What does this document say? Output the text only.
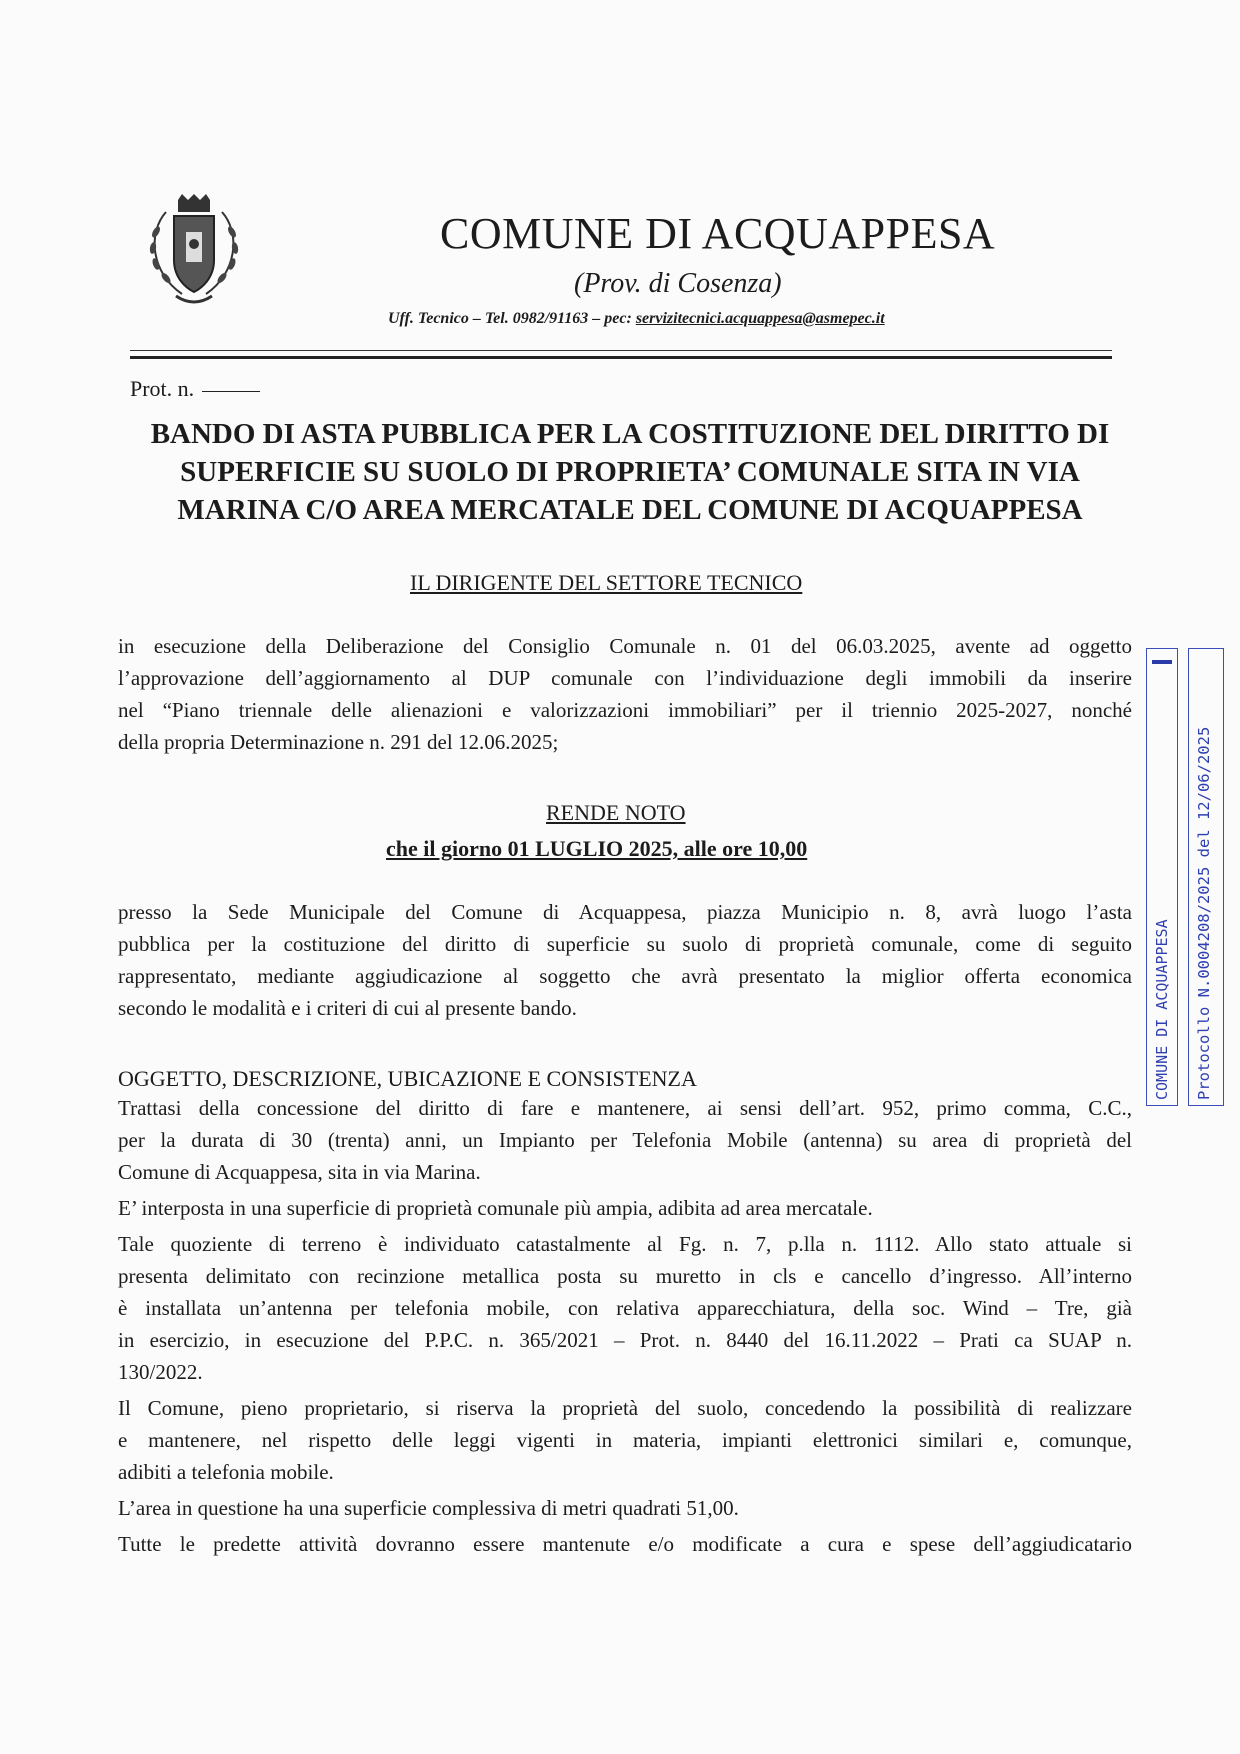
COMUNE DI ACQUAPPESA
(Prov. di Cosenza)
Uff. Tecnico – Tel. 0982/91163 – pec: servizitecnici.acquappesa@asmepec.it
Prot. n.
BANDO DI ASTA PUBBLICA PER LA COSTITUZIONE DEL DIRITTO DI
SUPERFICIE SU SUOLO DI PROPRIETA’ COMUNALE SITA IN VIA
MARINA C/O AREA MERCATALE DEL COMUNE DI ACQUAPPESA
IL DIRIGENTE DEL SETTORE TECNICO
in esecuzione della Deliberazione del Consiglio Comunale n. 01 del 06.03.2025, avente ad oggetto
l’approvazione dell’aggiornamento al DUP comunale con l’individuazione degli immobili da inserire
nel “Piano triennale delle alienazioni e valorizzazioni immobiliari” per il triennio 2025-2027, nonché
della propria Determinazione n. 291 del 12.06.2025;
RENDE NOTO
che il giorno 01 LUGLIO 2025, alle ore 10,00
presso la Sede Municipale del Comune di Acquappesa, piazza Municipio n. 8, avrà luogo l’asta
pubblica per la costituzione del diritto di superficie su suolo di proprietà comunale, come di seguito
rappresentato, mediante aggiudicazione al soggetto che avrà presentato la miglior offerta economica
secondo le modalità e i criteri di cui al presente bando.
OGGETTO, DESCRIZIONE, UBICAZIONE E CONSISTENZA
Trattasi della concessione del diritto di fare e mantenere, ai sensi dell’art. 952, primo comma, C.C.,
per la durata di 30 (trenta) anni, un Impianto per Telefonia Mobile (antenna) su area di proprietà del
Comune di Acquappesa, sita in via Marina.
E’ interposta in una superficie di proprietà comunale più ampia, adibita ad area mercatale.
Tale quoziente di terreno è individuato catastalmente al Fg. n. 7, p.lla n. 1112. Allo stato attuale si
presenta delimitato con recinzione metallica posta su muretto in cls e cancello d’ingresso. All’interno
è installata un’antenna per telefonia mobile, con relativa apparecchiatura, della soc. Wind – Tre, già
in esercizio, in esecuzione del P.P.C. n. 365/2021 – Prot. n. 8440 del 16.11.2022 – Prati ca SUAP n.
130/2022.
Il Comune, pieno proprietario, si riserva la proprietà del suolo, concedendo la possibilità di realizzare
e mantenere, nel rispetto delle leggi vigenti in materia, impianti elettronici similari e, comunque,
adibiti a telefonia mobile.
L’area in questione ha una superficie complessiva di metri quadrati 51,00.
Tutte le predette attività dovranno essere mantenute e/o modificate a cura e spese dell’aggiudicatario
COMUNE DI ACQUAPPESA Protocollo N.0004208/2025 del 12/06/2025
